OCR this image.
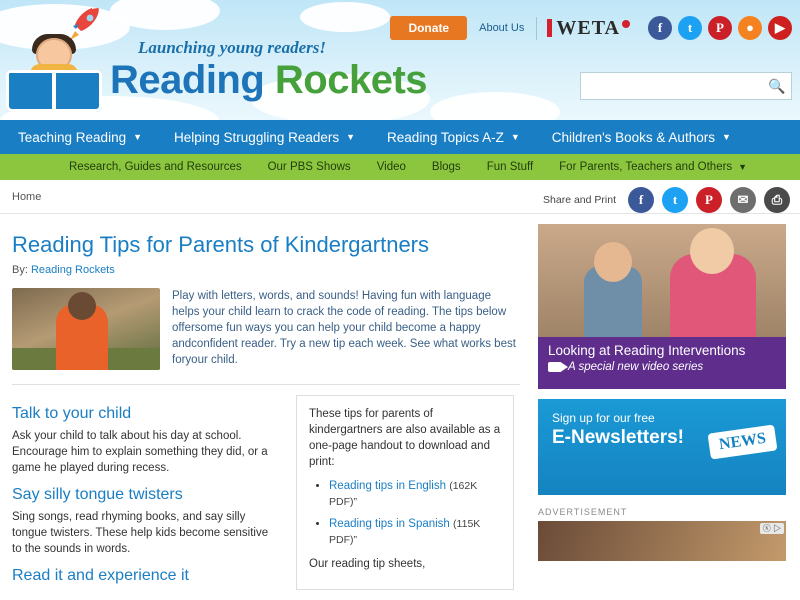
Launching young readers!
Reading Rockets
Donate	About Us WETA	f	t	P	●	▶
🔍
Teaching Reading ▼ Helping Struggling Readers ▼ Reading Topics A-Z ▼ Children's Books & Authors ▼
Research, Guides and Resources Our PBS Shows Video Blogs Fun Stuff For Parents, Teachers and Others ▼
Home	Share and Print	f	t	P	✉	⎙
Reading Tips for Parents of Kindergartners
By: Reading Rockets
Play with letters, words, and sounds! Having fun with language helps your child learn to crack the code of reading. The tips below offersome fun ways you can help your child become a happy andconfident reader. Try a new tip each week. See what works best foryour child.
Talk to your child

Ask your child to talk about his day at school. Encourage him to explain something they did, or a game he played during recess.

Say silly tongue twisters

Sing songs, read rhyming books, and say silly tongue twisters. These help kids become sensitive to the sounds in words.

Read it and experience it
These tips for parents of kindergartners are also available as a one-page handout to download and print:
• Reading tips in English (162K PDF)”
• Reading tips in Spanish (115K PDF)”
Our reading tip sheets,
Looking at Reading Interventions
A special new video series
Sign up for our free
E-Newsletters!	NEWS
ADVERTISEMENT
ⓧ ▷
